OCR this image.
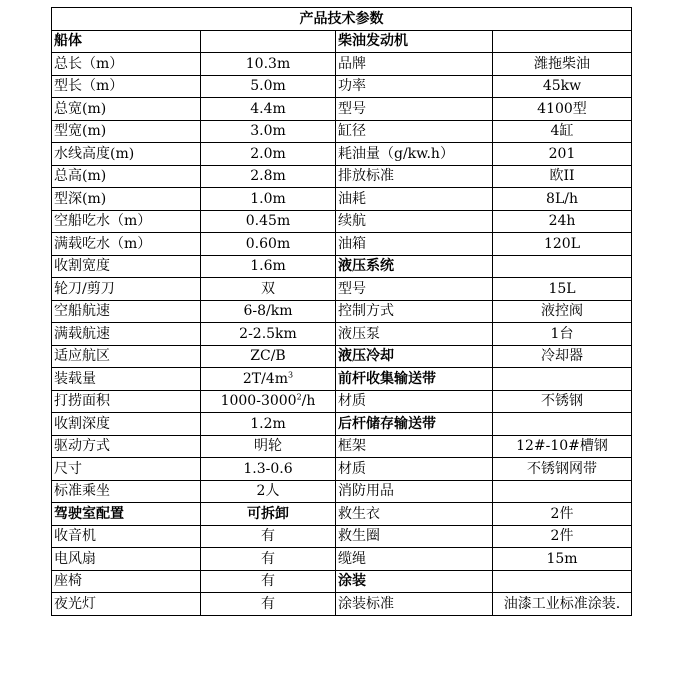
产品技术参数			
船体		柴油发动机	
总长（m）	10.3m	品牌	潍拖柴油
型长（m）	5.0m	功率	45kw
总宽(m)	4.4m	型号	4100型
型宽(m)	3.0m	缸径	4缸
水线高度(m)	2.0m	耗油量（g/kw.h）	201
总高(m)	2.8m	排放标准	欧II
型深(m)	1.0m	油耗	8L/h
空船吃水（m）	0.45m	续航	24h
满载吃水（m）	0.60m	油箱	120L
收割宽度	1.6m	液压系统	
轮刀/剪刀	双	型号	15L
空船航速	6-8/km	控制方式	液控阀
满载航速	2-2.5km	液压泵	1台
适应航区	ZC/B	液压冷却	冷却器
装载量	$2T/4m^3$	前杆收集输送带	
打捞面积	1000-3000$^2$/h	材质	不锈钢
收割深度	1.2m	后杆储存输送带	
驱动方式	明轮	框架	12#-10#槽钢
尺寸	1.3-0.6	材质	不锈钢网带
标准乘坐	2人	消防用品	
驾驶室配置	可拆卸	救生衣	2件
收音机	有	救生圈	2件
电风扇	有	缆绳	15m
座椅	有	涂装	
夜光灯	有	涂装标准	油漆工业标准涂装.
